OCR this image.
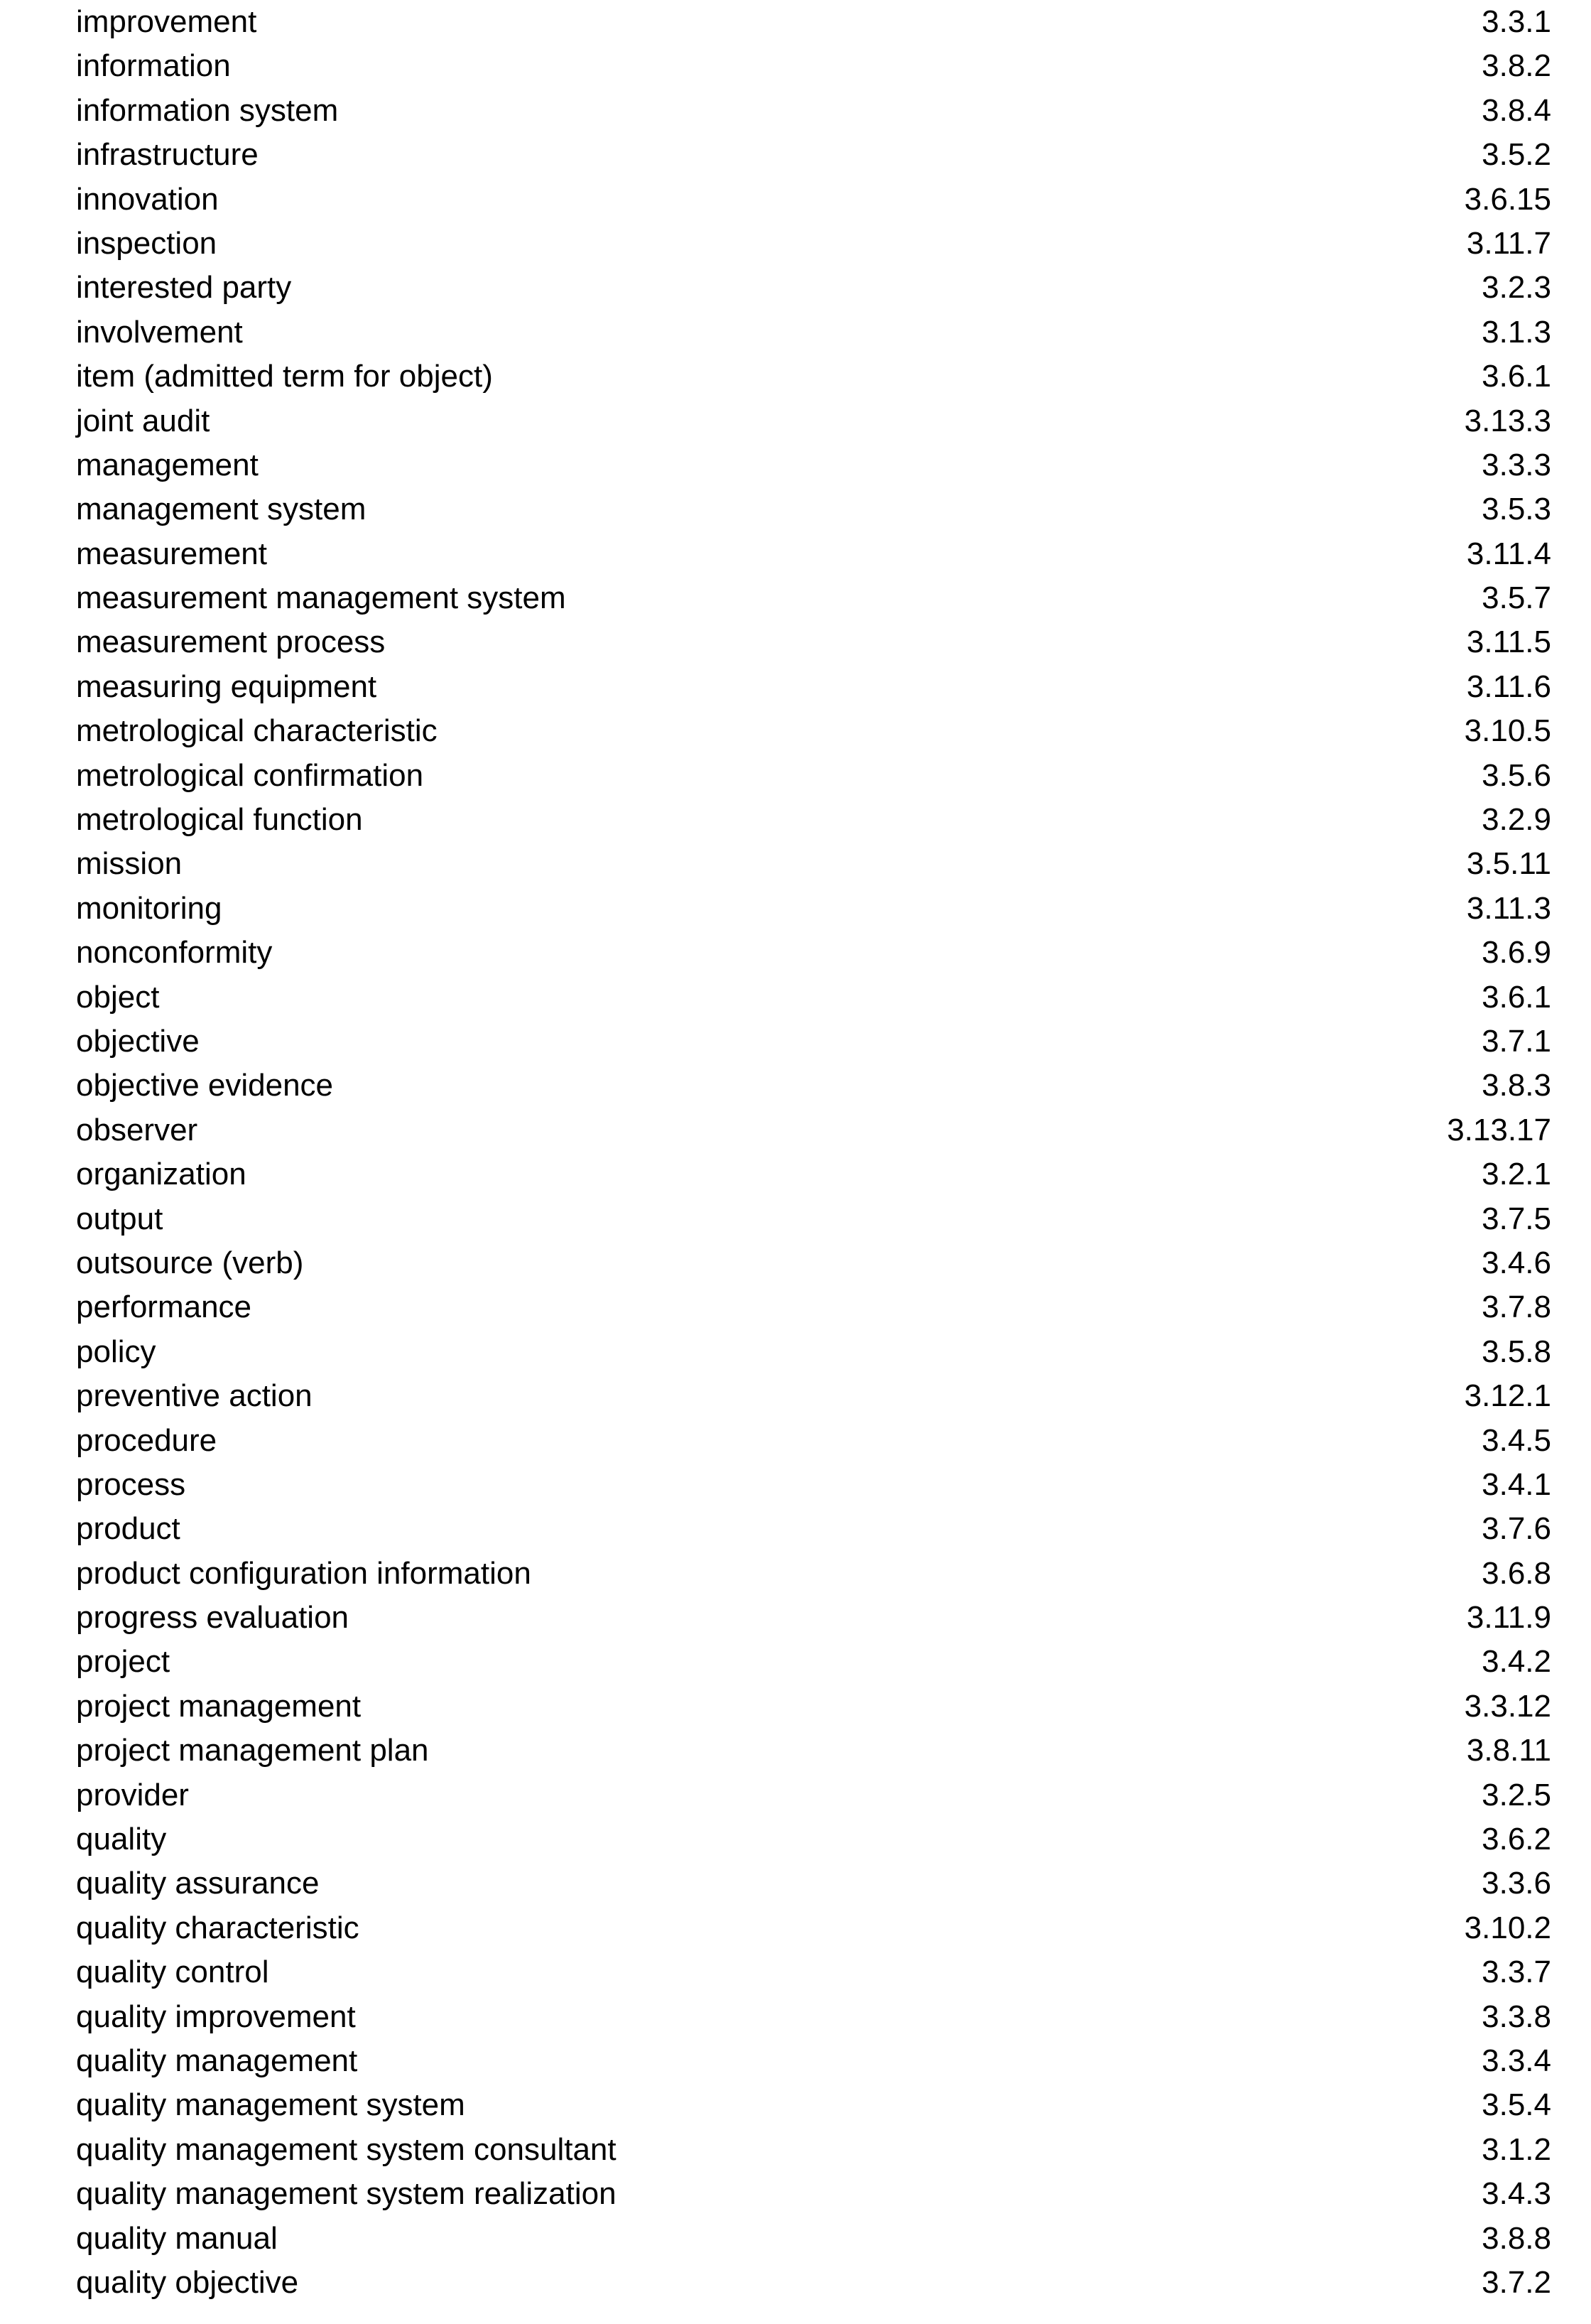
improvement	3.3.1
information	3.8.2
information system	3.8.4
infrastructure	3.5.2
innovation	3.6.15
inspection	3.11.7
interested party	3.2.3
involvement	3.1.3
item (admitted term for object)	3.6.1
joint audit	3.13.3
management	3.3.3
management system	3.5.3
measurement	3.11.4
measurement management system	3.5.7
measurement process	3.11.5
measuring equipment	3.11.6
metrological characteristic	3.10.5
metrological confirmation	3.5.6
metrological function	3.2.9
mission	3.5.11
monitoring	3.11.3
nonconformity	3.6.9
object	3.6.1
objective	3.7.1
objective evidence	3.8.3
observer	3.13.17
organization	3.2.1
output	3.7.5
outsource (verb)	3.4.6
performance	3.7.8
policy	3.5.8
preventive action	3.12.1
procedure	3.4.5
process	3.4.1
product	3.7.6
product configuration information	3.6.8
progress evaluation	3.11.9
project	3.4.2
project management	3.3.12
project management plan	3.8.11
provider	3.2.5
quality	3.6.2
quality assurance	3.3.6
quality characteristic	3.10.2
quality control	3.3.7
quality improvement	3.3.8
quality management	3.3.4
quality management system	3.5.4
quality management system consultant	3.1.2
quality management system realization	3.4.3
quality manual	3.8.8
quality objective	3.7.2
